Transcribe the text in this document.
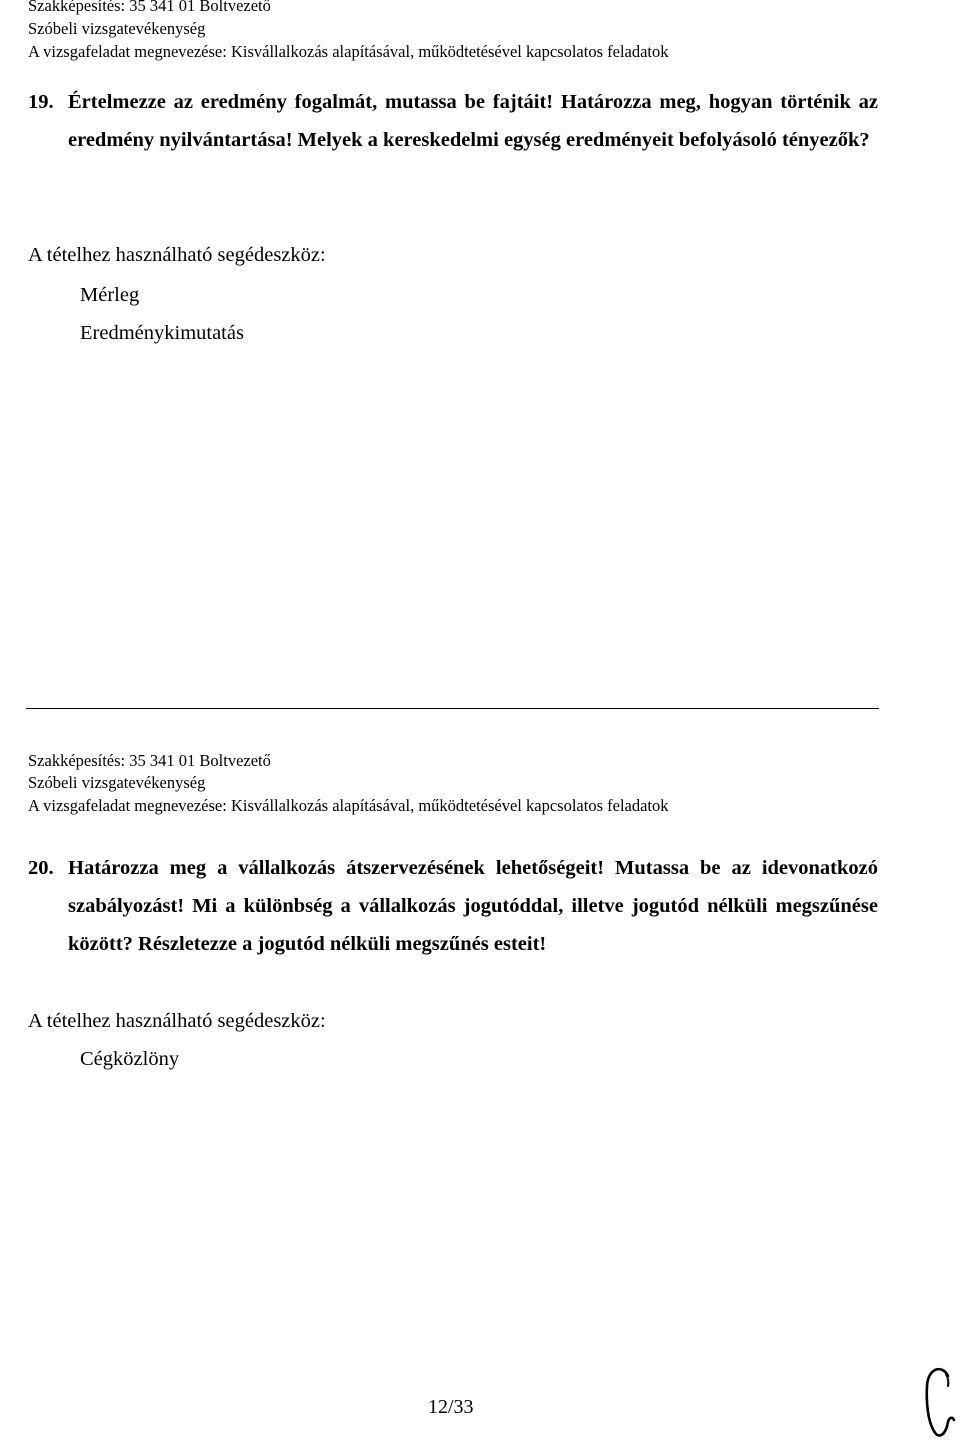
Szakképesítés: 35 341 01 Boltvezető
Szóbeli vizsgatevékenység
A vizsgafeladat megnevezése: Kisvállalkozás alapításával, működtetésével kapcsolatos feladatok
19. Értelmezze az eredmény fogalmát, mutassa be fajtáit! Határozza meg, hogyan történik az eredmény nyilvántartása! Melyek a kereskedelmi egység eredményeit befolyásoló tényezők?
A tételhez használható segédeszköz:
Mérleg
Eredménykimutatás
Szakképesítés: 35 341 01 Boltvezető
Szóbeli vizsgatevékenység
A vizsgafeladat megnevezése: Kisvállalkozás alapításával, működtetésével kapcsolatos feladatok
20. Határozza meg a vállalkozás átszervezésének lehetőségeit! Mutassa be az idevonatkozó szabályozást! Mi a különbség a vállalkozás jogutóddal, illetve jogutód nélküli megszűnése között? Részletezze a jogutód nélküli megszűnés esteit!
A tételhez használható segédeszköz:
Cégközlöny
12/33
